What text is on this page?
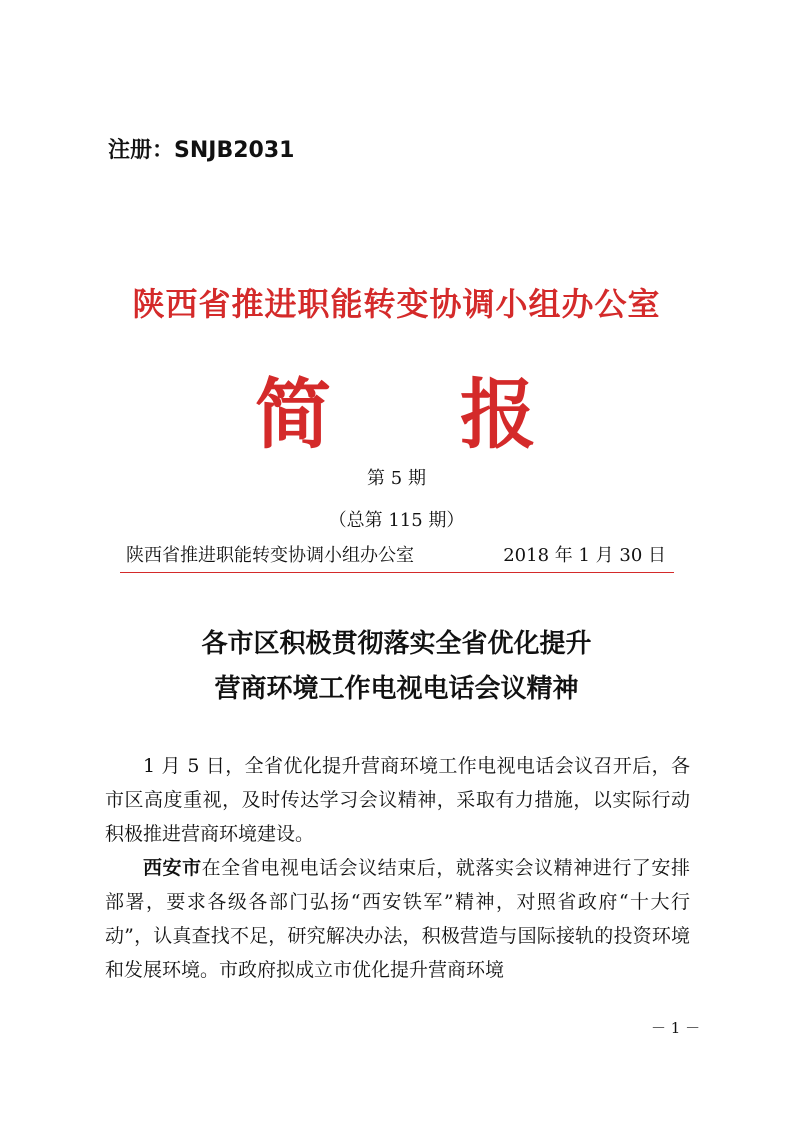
注册：SNJB2031
陕西省推进职能转变协调小组办公室
简 报
第 5 期
（总第 115 期）
陕西省推进职能转变协调小组办公室	2018 年 1 月 30 日
各市区积极贯彻落实全省优化提升
营商环境工作电视电话会议精神

1 月 5 日，全省优化提升营商环境工作电视电话会议召开后，各市区高度重视，及时传达学习会议精神，采取有力措施，以实际行动积极推进营商环境建设。

西安市在全省电视电话会议结束后，就落实会议精神进行了安排部署，要求各级各部门弘扬“西安铁军”精神，对照省政府“十大行动”，认真查找不足，研究解决办法，积极营造与国际接轨的投资环境和发展环境。市政府拟成立市优化提升营商环境

－ 1 －
